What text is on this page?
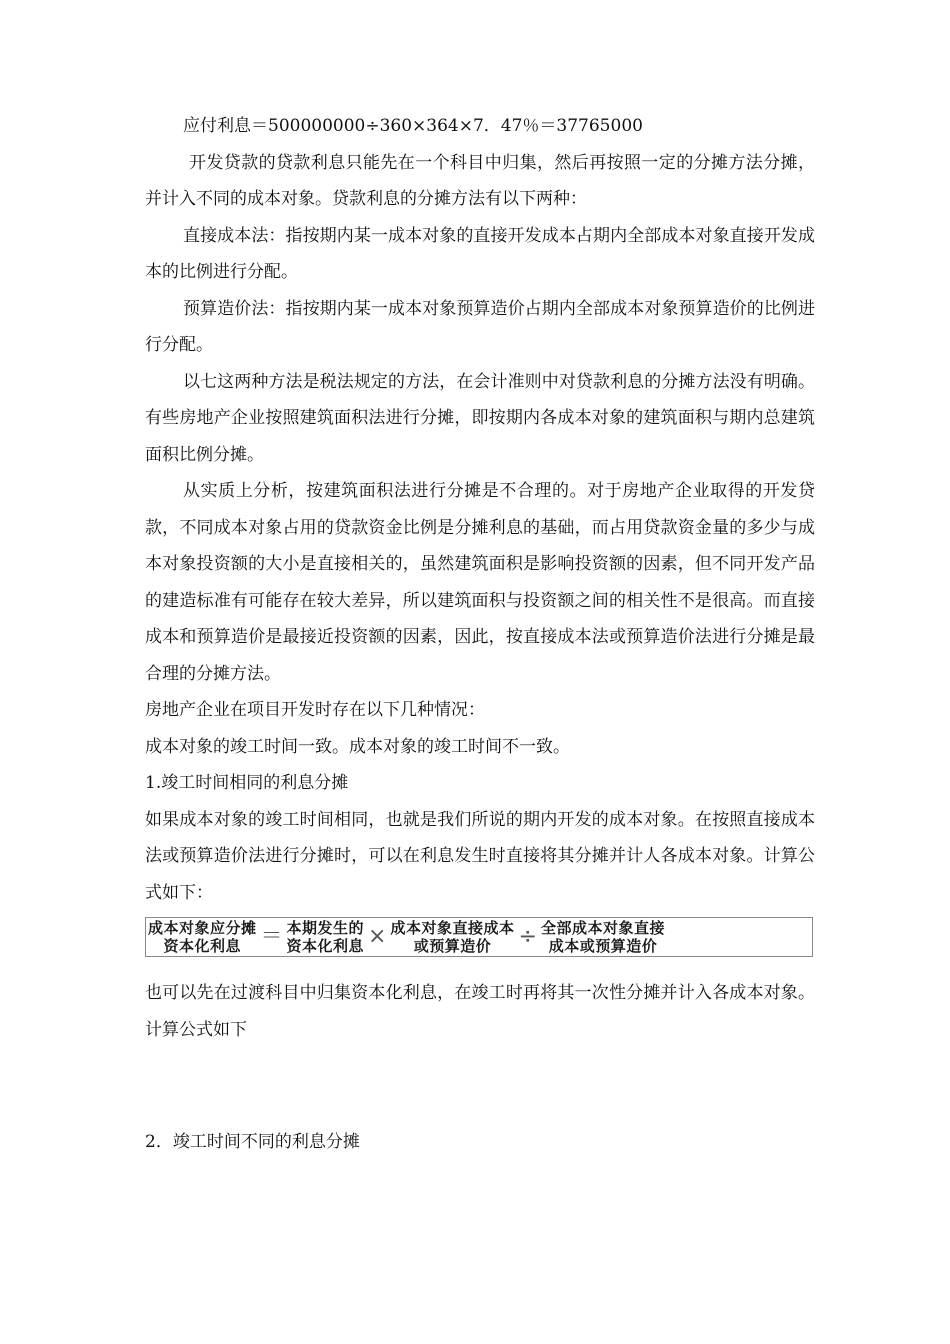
应付利息＝500000000÷360×364×7．47％＝37765000

开发贷款的贷款利息只能先在一个科目中归集，然后再按照一定的分摊方法分摊，并计入不同的成本对象。贷款利息的分摊方法有以下两种：

直接成本法：指按期内某一成本对象的直接开发成本占期内全部成本对象直接开发成本的比例进行分配。

预算造价法：指按期内某一成本对象预算造价占期内全部成本对象预算造价的比例进行分配。

以七这两种方法是税法规定的方法，在会计准则中对贷款利息的分摊方法没有明确。有些房地产企业按照建筑面积法进行分摊，即按期内各成本对象的建筑面积与期内总建筑面积比例分摊。

从实质上分析，按建筑面积法进行分摊是不合理的。对于房地产企业取得的开发贷款，不同成本对象占用的贷款资金比例是分摊利息的基础，而占用贷款资金量的多少与成本对象投资额的大小是直接相关的，虽然建筑面积是影响投资额的因素，但不同开发产品的建造标准有可能存在较大差异，所以建筑面积与投资额之间的相关性不是很高。而直接成本和预算造价是最接近投资额的因素，因此，按直接成本法或预算造价法进行分摊是最合理的分摊方法。

房地产企业在项目开发时存在以下几种情况：

成本对象的竣工时间一致。成本对象的竣工时间不一致。

1.竣工时间相同的利息分摊

如果成本对象的竣工时间相同，也就是我们所说的期内开发的成本对象。在按照直接成本法或预算造价法进行分摊时，可以在利息发生时直接将其分摊并计人各成本对象。计算公式如下：

成本对象应分摊
资本化利息 ＝ 本期发生的
资本化利息 × 成本对象直接成本
或预算造价 ÷ 全部成本对象直接
成本或预算造价

也可以先在过渡科目中归集资本化利息，在竣工时再将其一次性分摊并计入各成本对象。计算公式如下

2．竣工时间不同的利息分摊
